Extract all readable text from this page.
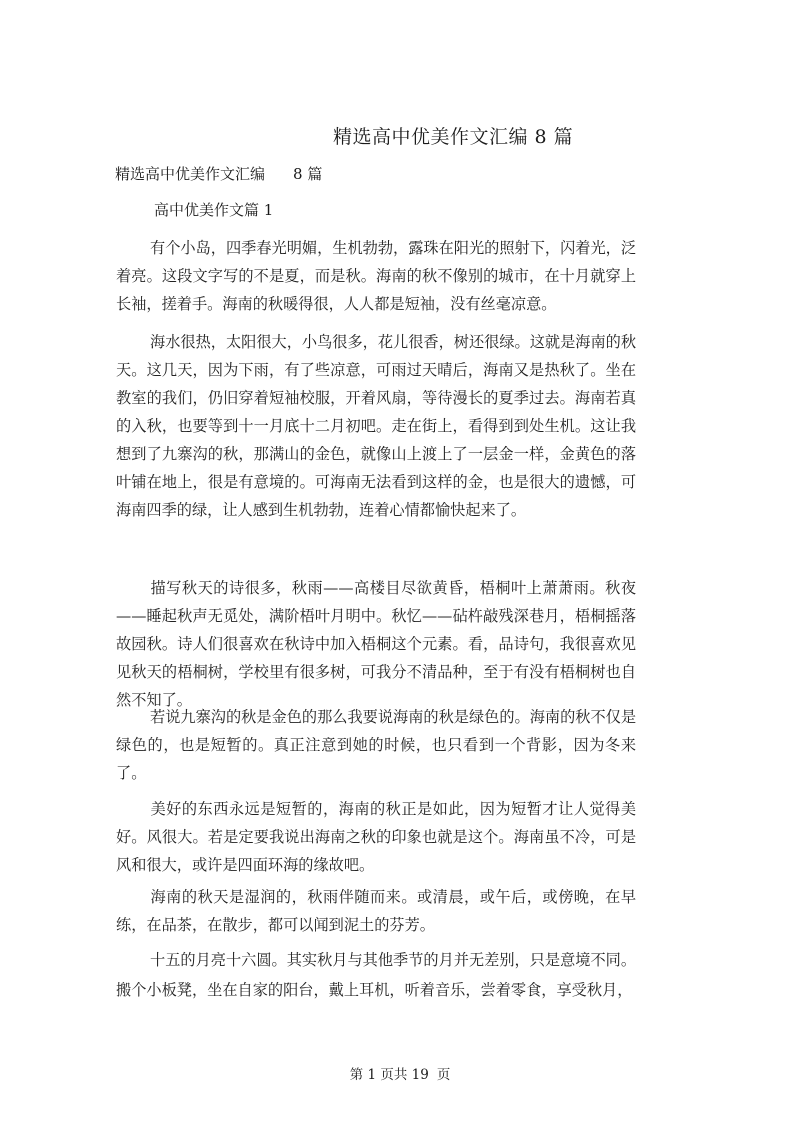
精选高中优美作文汇编 8 篇
精选高中优美作文汇编 8 篇
高中优美作文篇 1
有个小岛，四季春光明媚，生机勃勃，露珠在阳光的照射下，闪着光，泛着亮。这段文字写的不是夏，而是秋。海南的秋不像别的城市，在十月就穿上长袖，搓着手。海南的秋暖得很，人人都是短袖，没有丝毫凉意。
海水很热，太阳很大，小鸟很多，花儿很香，树还很绿。这就是海南的秋天。这几天，因为下雨，有了些凉意，可雨过天晴后，海南又是热秋了。坐在教室的我们，仍旧穿着短袖校服，开着风扇，等待漫长的夏季过去。海南若真的入秋，也要等到十一月底十二月初吧。走在街上，看得到到处生机。这让我想到了九寨沟的秋，那满山的金色，就像山上渡上了一层金一样，金黄色的落叶铺在地上，很是有意境的。可海南无法看到这样的金，也是很大的遗憾，可海南四季的绿，让人感到生机勃勃，连着心情都愉快起来了。
描写秋天的诗很多，秋雨——高楼目尽欲黄昏，梧桐叶上萧萧雨。秋夜——睡起秋声无觅处，满阶梧叶月明中。秋忆——砧杵敲残深巷月，梧桐摇落故园秋。诗人们很喜欢在秋诗中加入梧桐这个元素。看，品诗句，我很喜欢见见秋天的梧桐树，学校里有很多树，可我分不清品种，至于有没有梧桐树也自然不知了。
若说九寨沟的秋是金色的那么我要说海南的秋是绿色的。海南的秋不仅是绿色的，也是短暂的。真正注意到她的时候，也只看到一个背影，因为冬来了。
美好的东西永远是短暂的，海南的秋正是如此，因为短暂才让人觉得美好。风很大。若是定要我说出海南之秋的印象也就是这个。海南虽不冷，可是风和很大，或许是四面环海的缘故吧。
海南的秋天是湿润的，秋雨伴随而来。或清晨，或午后，或傍晚，在早练，在品茶，在散步，都可以闻到泥土的芬芳。
十五的月亮十六圆。其实秋月与其他季节的月并无差别，只是意境不同。
搬个小板凳，坐在自家的阳台，戴上耳机，听着音乐，尝着零食，享受秋月，
第 1 页共 19 页
